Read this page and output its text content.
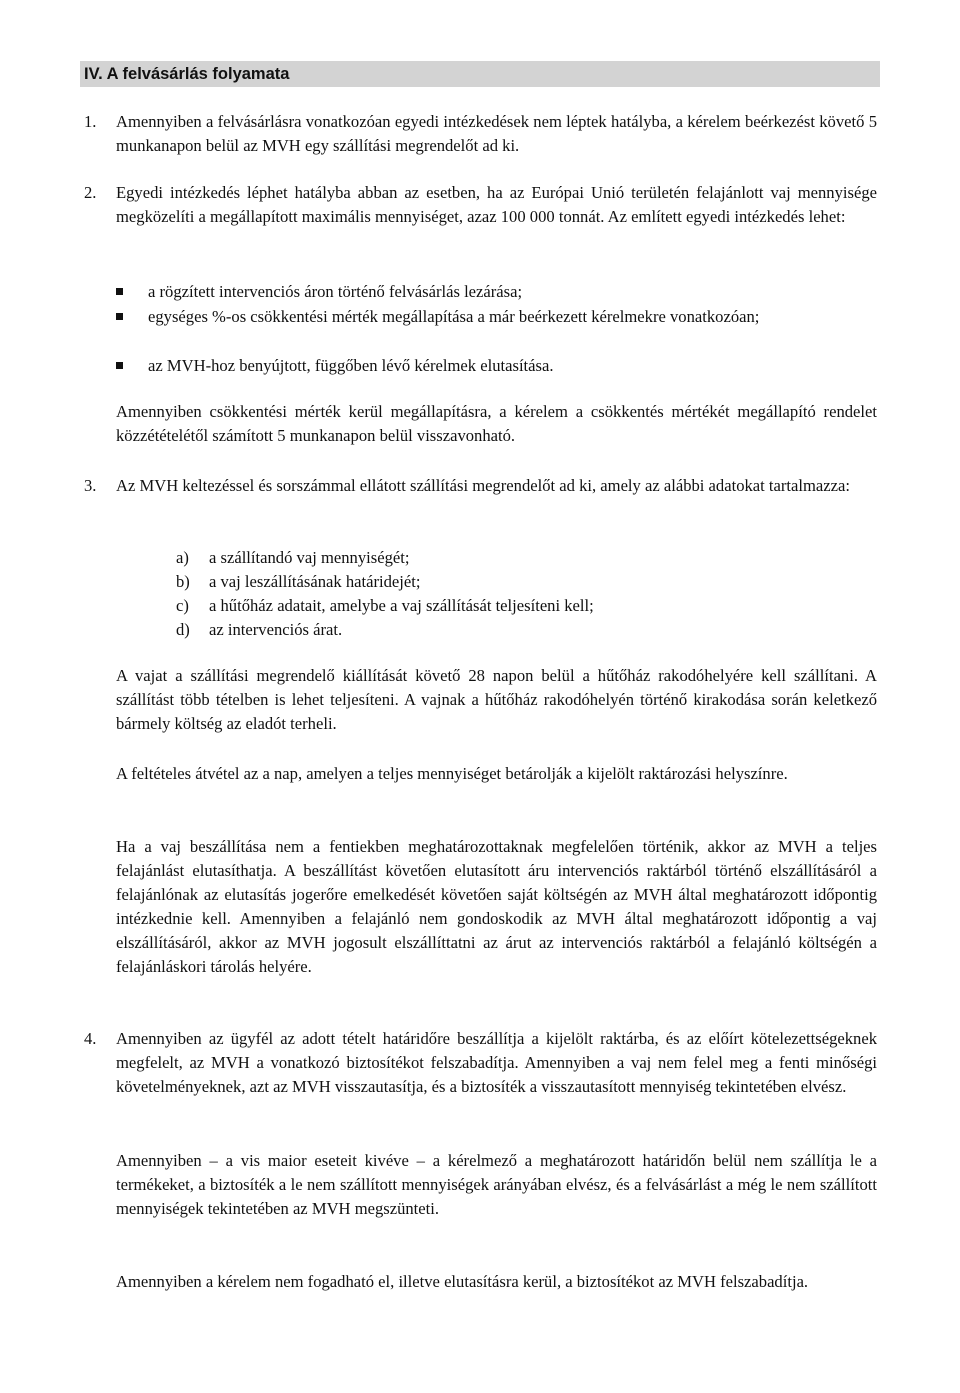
IV. A felvásárlás folyamata
1. Amennyiben a felvásárlásra vonatkozóan egyedi intézkedések nem léptek hatályba, a kérelem beérkezést követő 5 munkanapon belül az MVH egy szállítási megrendelőt ad ki.

2. Egyedi intézkedés léphet hatályba abban az esetben, ha az Európai Unió területén felajánlott vaj mennyisége megközelíti a megállapított maximális mennyiséget, azaz 100 000 tonnát. Az említett egyedi intézkedés lehet:

a rögzített intervenciós áron történő felvásárlás lezárása;

egységes %-os csökkentési mérték megállapítása a már beérkezett kérelmekre vonatkozóan;

az MVH-hoz benyújtott, függőben lévő kérelmek elutasítása.

Amennyiben csökkentési mérték kerül megállapításra, a kérelem a csökkentés mértékét megállapító rendelet közzétételétől számított 5 munkanapon belül visszavonható.

3. Az MVH keltezéssel és sorszámmal ellátott szállítási megrendelőt ad ki, amely az alábbi adatokat tartalmazza:

a) a szállítandó vaj mennyiségét;
b) a vaj leszállításának határidejét;
c) a hűtőház adatait, amelybe a vaj szállítását teljesíteni kell;
d) az intervenciós árat.

A vajat a szállítási megrendelő kiállítását követő 28 napon belül a hűtőház rakodóhelyére kell szállítani. A szállítást több tételben is lehet teljesíteni. A vajnak a hűtőház rakodóhelyén történő kirakodása során keletkező bármely költség az eladót terheli.

A feltételes átvétel az a nap, amelyen a teljes mennyiséget betárolják a kijelölt raktározási helyszínre.

Ha a vaj beszállítása nem a fentiekben meghatározottaknak megfelelően történik, akkor az MVH a teljes felajánlást elutasíthatja. A beszállítást követően elutasított áru intervenciós raktárból történő elszállításáról a felajánlónak az elutasítás jogerőre emelkedését követően saját költségén az MVH által meghatározott időpontig intézkednie kell. Amennyiben a felajánló nem gondoskodik az MVH által meghatározott időpontig a vaj elszállításáról, akkor az MVH jogosult elszállíttatni az árut az intervenciós raktárból a felajánló költségén a felajánláskori tárolás helyére.

4. Amennyiben az ügyfél az adott tételt határidőre beszállítja a kijelölt raktárba, és az előírt kötelezettségeknek megfelelt, az MVH a vonatkozó biztosítékot felszabadítja. Amennyiben a vaj nem felel meg a fenti minőségi követelményeknek, azt az MVH visszautasítja, és a biztosíték a visszautasított mennyiség tekintetében elvész.

Amennyiben – a vis maior eseteit kivéve – a kérelmező a meghatározott határidőn belül nem szállítja le a termékeket, a biztosíték a le nem szállított mennyiségek arányában elvész, és a felvásárlást a még le nem szállított mennyiségek tekintetében az MVH megszünteti.

Amennyiben a kérelem nem fogadható el, illetve elutasításra kerül, a biztosítékot az MVH felszabadítja.
